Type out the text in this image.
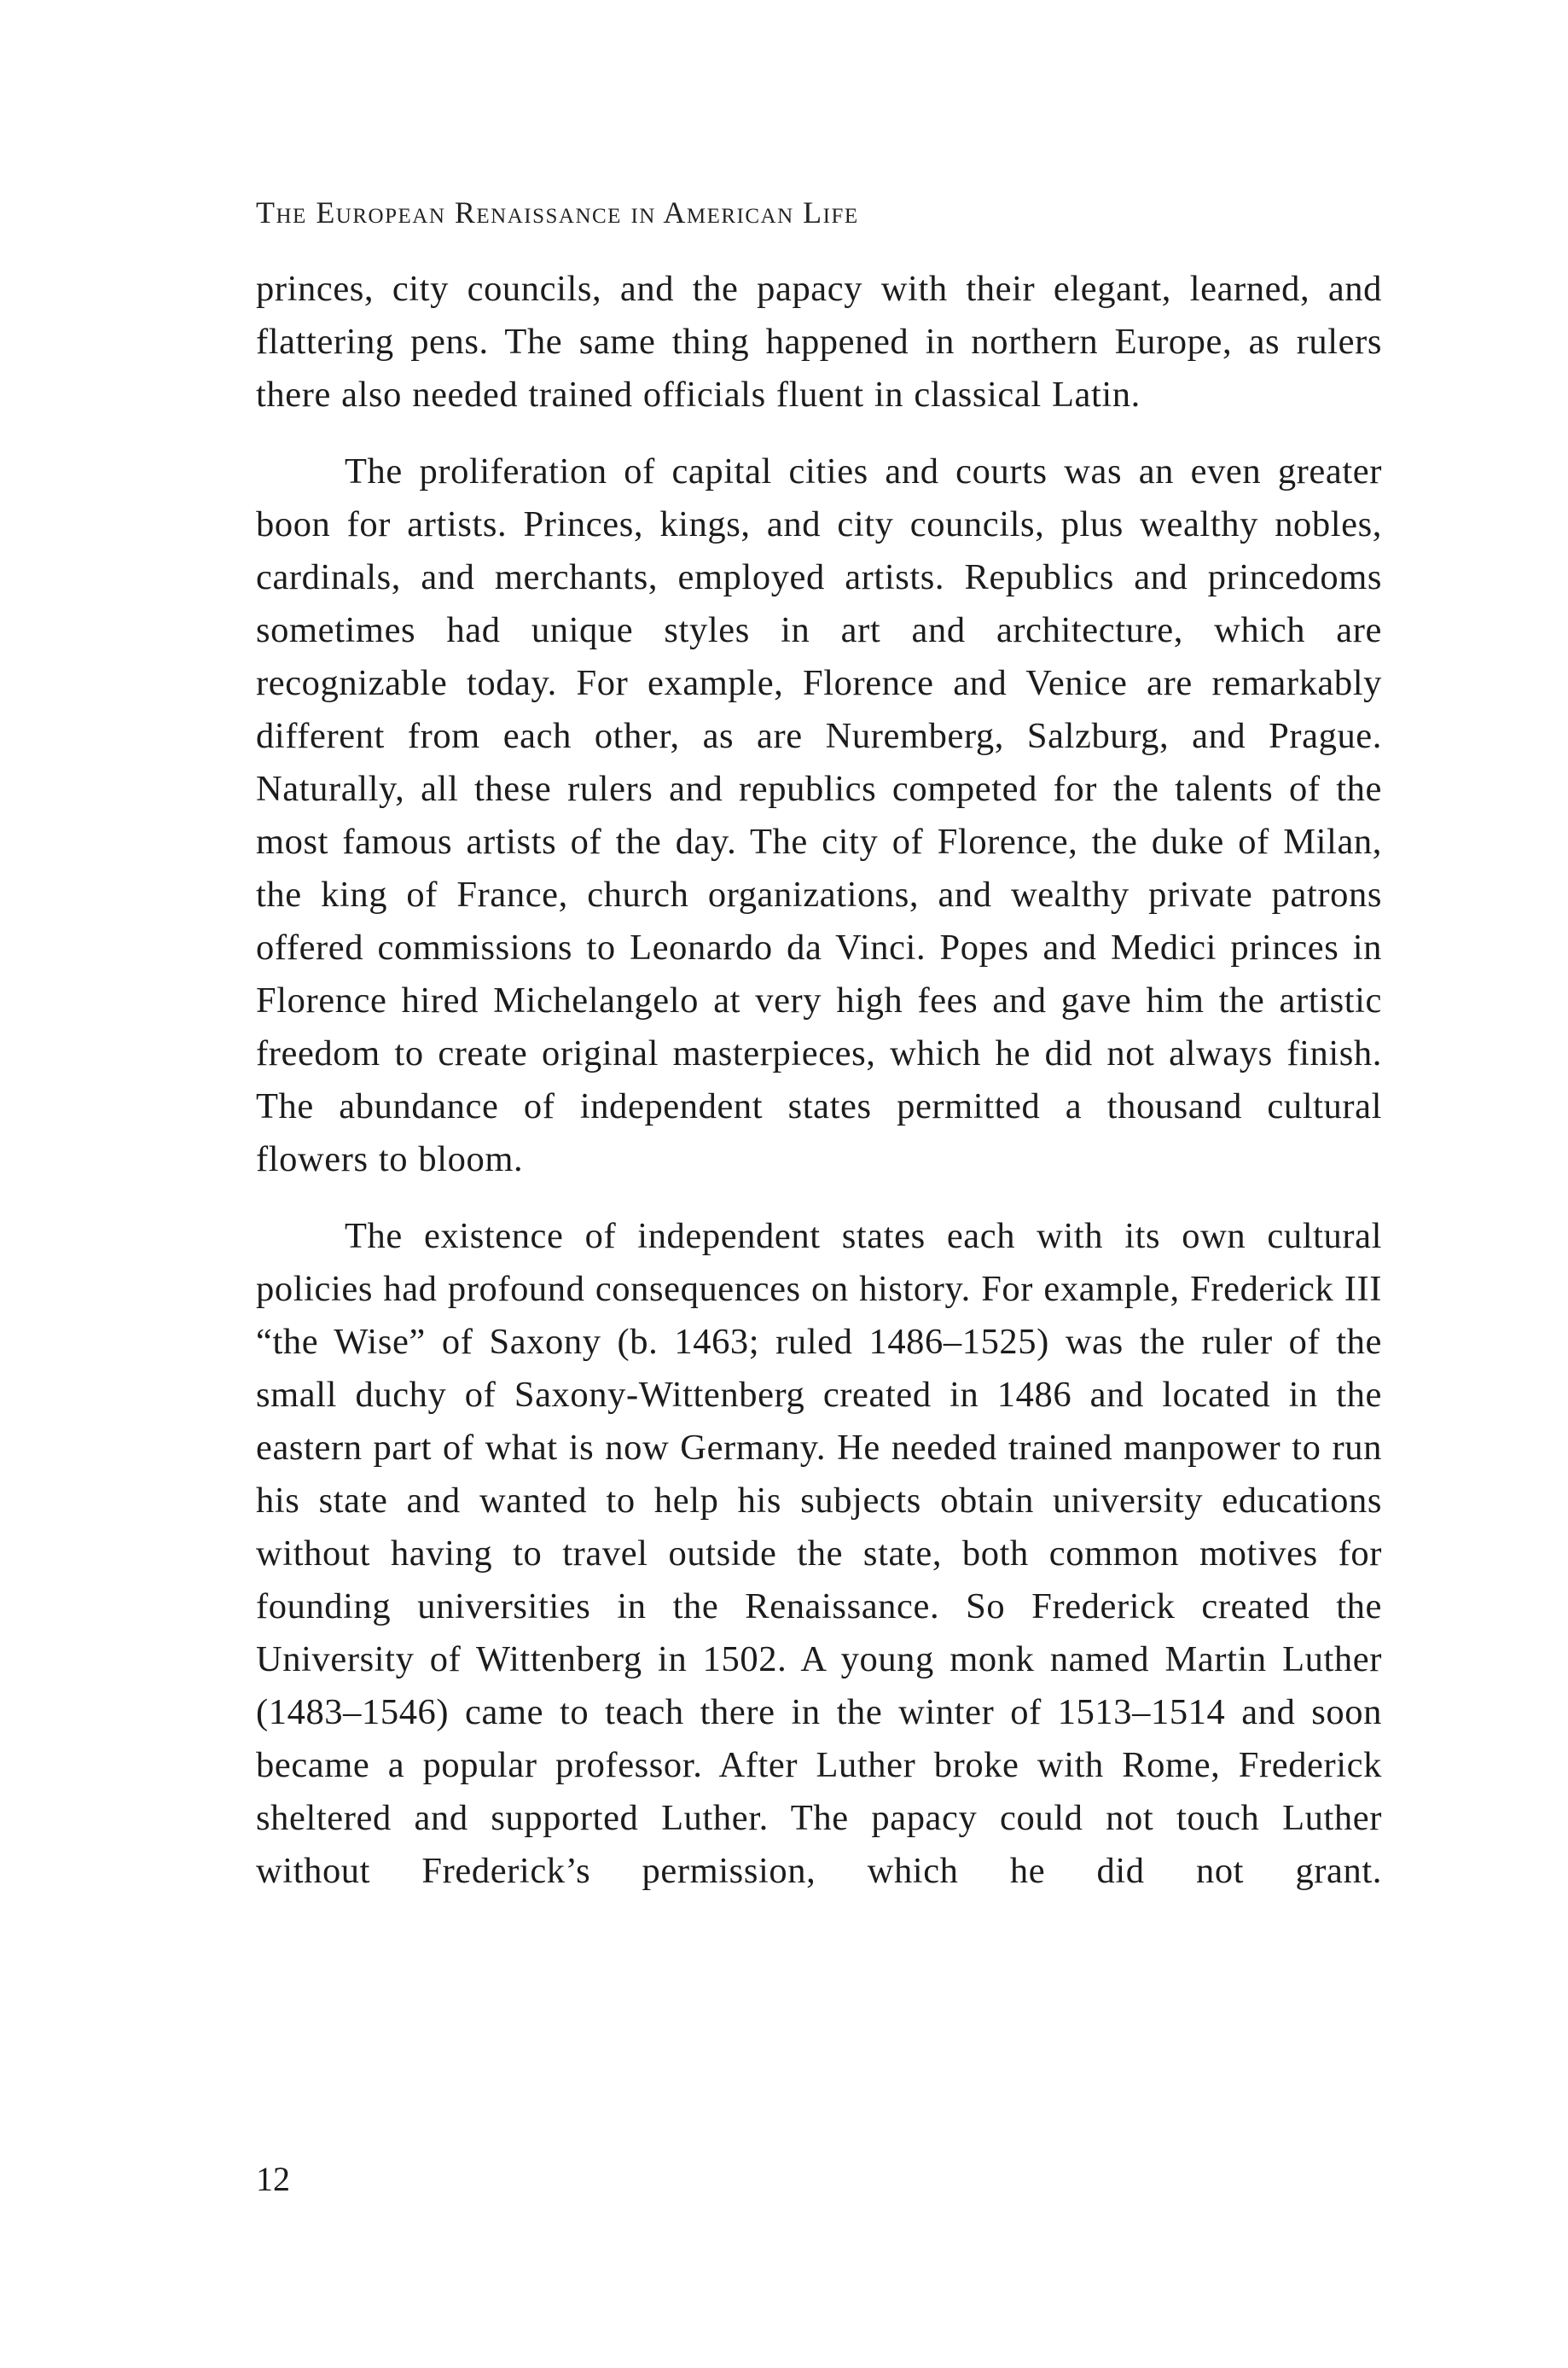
The European Renaissance in American Life

princes, city councils, and the papacy with their elegant, learned, and flattering pens. The same thing happened in northern Europe, as rulers there also needed trained officials fluent in classical Latin.

The proliferation of capital cities and courts was an even greater boon for artists. Princes, kings, and city councils, plus wealthy nobles, cardinals, and merchants, employed artists. Republics and princedoms sometimes had unique styles in art and architecture, which are recognizable today. For example, Florence and Venice are remarkably different from each other, as are Nuremberg, Salzburg, and Prague. Naturally, all these rulers and republics competed for the talents of the most famous artists of the day. The city of Florence, the duke of Milan, the king of France, church organizations, and wealthy private patrons offered commissions to Leonardo da Vinci. Popes and Medici princes in Florence hired Michelangelo at very high fees and gave him the artistic freedom to create original masterpieces, which he did not always finish. The abundance of independent states permitted a thousand cultural flowers to bloom.

The existence of independent states each with its own cultural policies had profound consequences on history. For example, Frederick III “the Wise” of Saxony (b. 1463; ruled 1486–1525) was the ruler of the small duchy of Saxony-Wittenberg created in 1486 and located in the eastern part of what is now Germany. He needed trained manpower to run his state and wanted to help his subjects obtain university educations without having to travel outside the state, both common motives for founding universities in the Renaissance. So Frederick created the University of Wittenberg in 1502. A young monk named Martin Luther (1483–1546) came to teach there in the winter of 1513–1514 and soon became a popular professor. After Luther broke with Rome, Frederick sheltered and supported Luther. The papacy could not touch Luther without Frederick’s permission, which he did not grant.

12
